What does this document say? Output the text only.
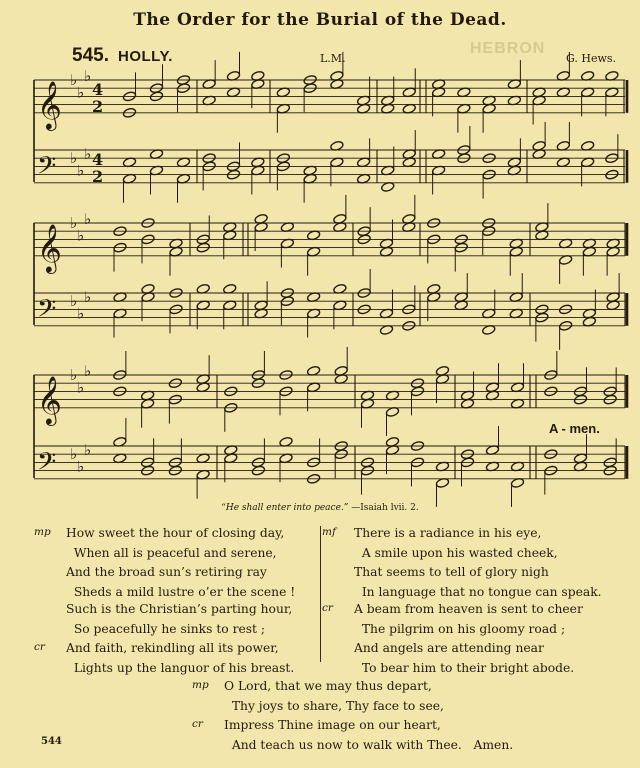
The Order for the Burial of the Dead.
HEBRON
545. HOLLY.	L.M.	G. Hews.
𝄞 ♭
♭
♭
4
2
𝄢 ♭
♭
♭ 4
2
𝄞 ♭
♭
♭
𝄢 ♭
♭
♭
𝄞 ♭
♭
♭
𝄢 ♭
♭
♭
A - men.
“He shall enter into peace.” —Isaiah lvii. 2.
How sweet the hour of closing day,
mp
When all is peaceful and serene,
And the broad sun’s retiring ray
Sheds a mild lustre o’er the scene !
Such is the Christian’s parting hour,
So peacefully he sinks to rest ;
And faith, rekindling all its power,
cr
Lights up the languor of his breast.
There is a radiance in his eye,
mf
A smile upon his wasted cheek,
That seems to tell of glory nigh
In language that no tongue can speak.
A beam from heaven is sent to cheer
cr
The pilgrim on his gloomy road ;
And angels are attending near
To bear him to their bright abode.
O Lord, that we may thus depart,
mp
Thy joys to share, Thy face to see,
Impress Thine image on our heart,
cr
And teach us now to walk with Thee.   Amen.
544
